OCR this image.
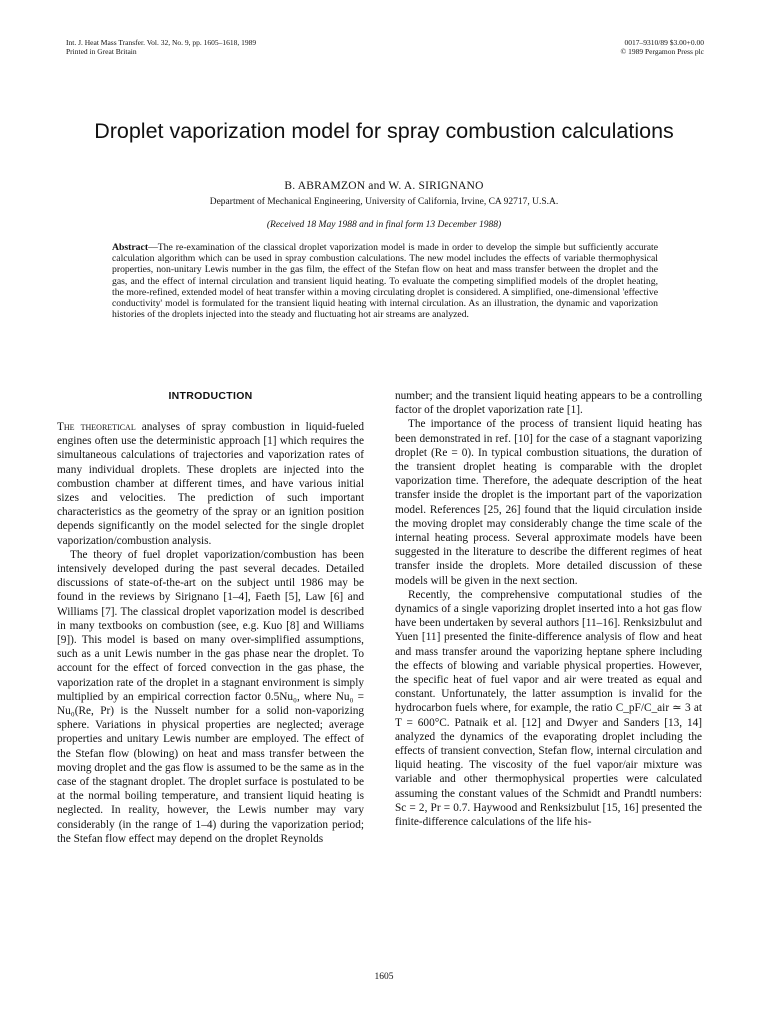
Int. J. Heat Mass Transfer. Vol. 32, No. 9, pp. 1605–1618, 1989
Printed in Great Britain
0017–9310/89 $3.00+0.00
© 1989 Pergamon Press plc
Droplet vaporization model for spray combustion calculations
B. ABRAMZON and W. A. SIRIGNANO
Department of Mechanical Engineering, University of California, Irvine, CA 92717, U.S.A.
(Received 18 May 1988 and in final form 13 December 1988)

Abstract—The re-examination of the classical droplet vaporization model is made in order to develop the simple but sufficiently accurate calculation algorithm which can be used in spray combustion calculations. The new model includes the effects of variable thermophysical properties, non-unitary Lewis number in the gas film, the effect of the Stefan flow on heat and mass transfer between the droplet and the gas, and the effect of internal circulation and transient liquid heating. To evaluate the competing simplified models of the droplet heating, the more-refined, extended model of heat transfer within a moving circulating droplet is considered. A simplified, one-dimensional 'effective conductivity' model is formulated for the transient liquid heating with internal circulation. As an illustration, the dynamic and vaporization histories of the droplets injected into the steady and fluctuating hot air streams are analyzed.

INTRODUCTION

The theoretical analyses of spray combustion in liquid-fueled engines often use the deterministic approach [1] which requires the simultaneous calculations of trajectories and vaporization rates of many individual droplets. These droplets are injected into the combustion chamber at different times, and have various initial sizes and velocities. The prediction of such important characteristics as the geometry of the spray or an ignition position depends significantly on the model selected for the single droplet vaporization/combustion analysis.

The theory of fuel droplet vaporization/combustion has been intensively developed during the past several decades. Detailed discussions of state-of-the-art on the subject until 1986 may be found in the reviews by Sirignano [1–4], Faeth [5], Law [6] and Williams [7]. The classical droplet vaporization model is described in many textbooks on combustion (see, e.g. Kuo [8] and Williams [9]). This model is based on many over-simplified assumptions, such as a unit Lewis number in the gas phase near the droplet. To account for the effect of forced convection in the gas phase, the vaporization rate of the droplet in a stagnant environment is simply multiplied by an empirical correction factor 0.5Nu₀, where Nu₀ = Nu₀(Re, Pr) is the Nusselt number for a solid non-vaporizing sphere. Variations in physical properties are neglected; average properties and unitary Lewis number are employed. The effect of the Stefan flow (blowing) on heat and mass transfer between the moving droplet and the gas flow is assumed to be the same as in the case of the stagnant droplet. The droplet surface is postulated to be at the normal boiling temperature, and transient liquid heating is neglected. In reality, however, the Lewis number may vary considerably (in the range of 1–4) during the vaporization period; the Stefan flow effect may depend on the droplet Reynolds

number; and the transient liquid heating appears to be a controlling factor of the droplet vaporization rate [1].

The importance of the process of transient liquid heating has been demonstrated in ref. [10] for the case of a stagnant vaporizing droplet (Re = 0). In typical combustion situations, the duration of the transient droplet heating is comparable with the droplet vaporization time. Therefore, the adequate description of the heat transfer inside the droplet is the important part of the vaporization model. References [25, 26] found that the liquid circulation inside the moving droplet may considerably change the time scale of the internal heating process. Several approximate models have been suggested in the literature to describe the different regimes of heat transfer inside the droplets. More detailed discussion of these models will be given in the next section.

Recently, the comprehensive computational studies of the dynamics of a single vaporizing droplet inserted into a hot gas flow have been undertaken by several authors [11–16]. Renksizbulut and Yuen [11] presented the finite-difference analysis of flow and heat and mass transfer around the vaporizing heptane sphere including the effects of blowing and variable physical properties. However, the specific heat of fuel vapor and air were treated as equal and constant. Unfortunately, the latter assumption is invalid for the hydrocarbon fuels where, for example, the ratio C_pF/C_air ≃ 3 at T = 600°C. Patnaik et al. [12] and Dwyer and Sanders [13, 14] analyzed the dynamics of the evaporating droplet including the effects of transient convection, Stefan flow, internal circulation and liquid heating. The viscosity of the fuel vapor/air mixture was variable and other thermophysical properties were calculated assuming the constant values of the Schmidt and Prandtl numbers: Sc = 2, Pr = 0.7. Haywood and Renksizbulut [15, 16] presented the finite-difference calculations of the life his-

1605
